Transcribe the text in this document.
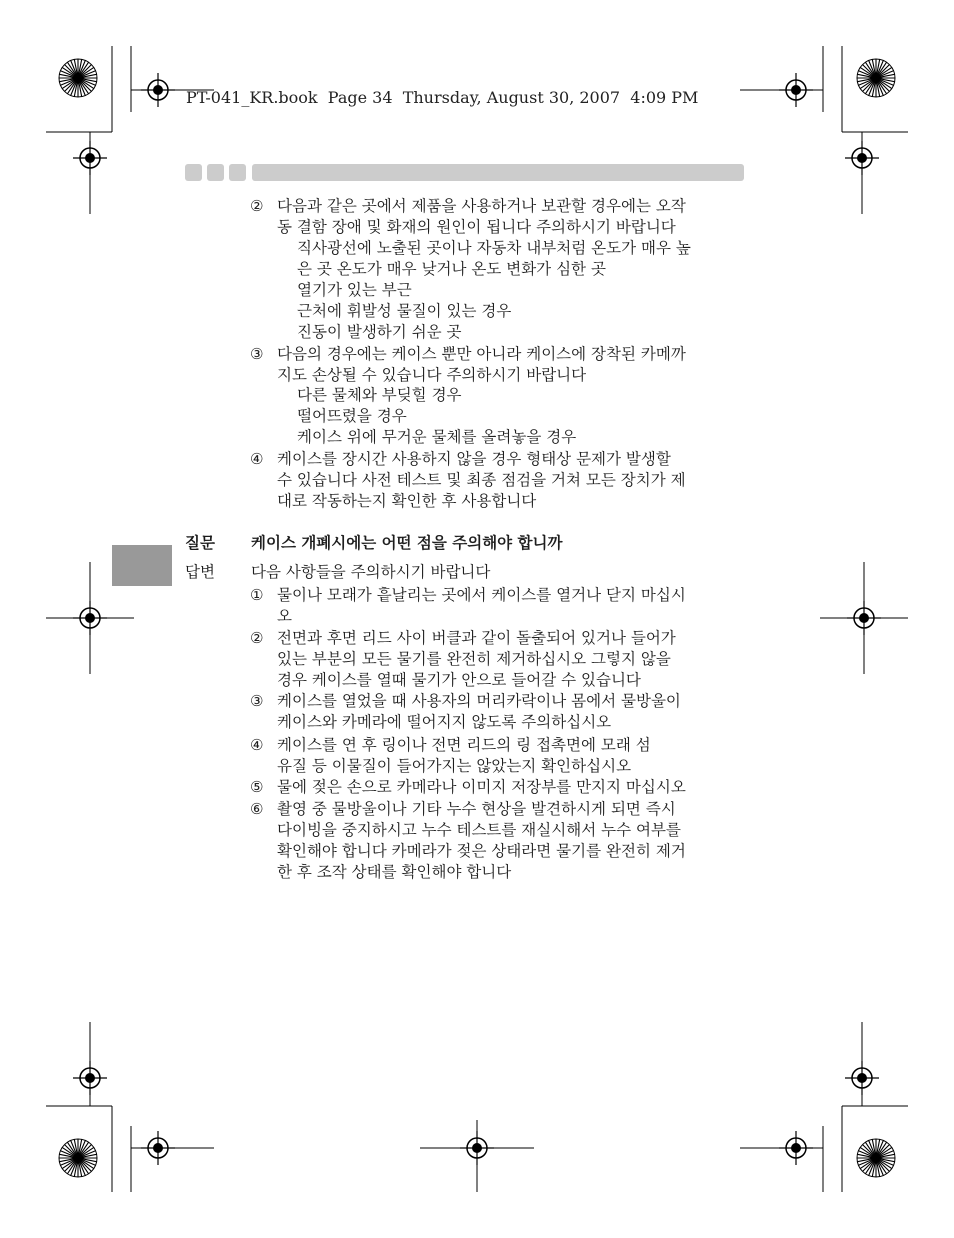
PT-041_KR.book  Page 34  Thursday, August 30, 2007  4:09 PM
② 다음과 같은 곳에서 제품을 사용하거나 보관할 경우에는 오작
동 결함 장애 및 화재의 원인이 됩니다 주의하시기 바랍니다
직사광선에 노출된 곳이나 자동차 내부처럼 온도가 매우 높
은 곳 온도가 매우 낮거나 온도 변화가 심한 곳
열기가 있는 부근
근처에 휘발성 물질이 있는 경우
진동이 발생하기 쉬운 곳
③ 다음의 경우에는 케이스 뿐만 아니라 케이스에 장착된 카메까
지도 손상될 수 있습니다 주의하시기 바랍니다
다른 물체와 부딪힐 경우
떨어뜨렸을 경우
케이스 위에 무거운 물체를 올려놓을 경우
④ 케이스를 장시간 사용하지 않을 경우 형태상 문제가 발생할
수 있습니다 사전 테스트 및 최종 점검을 거쳐 모든 장치가 제
대로 작동하는지 확인한 후 사용합니다
질문 케이스 개폐시에는 어떤 점을 주의해야 합니까
답변 다음 사항들을 주의하시기 바랍니다
① 물이나 모래가 흩날리는 곳에서 케이스를 열거나 닫지 마십시
오
② 전면과 후면 리드 사이 버클과 같이 돌출되어 있거나 들어가
있는 부분의 모든 물기를 완전히 제거하십시오 그렇지 않을
경우 케이스를 열때 물기가 안으로 들어갈 수 있습니다
③ 케이스를 열었을 때 사용자의 머리카락이나 몸에서 물방울이
케이스와 카메라에 떨어지지 않도록 주의하십시오
④ 케이스를 연 후 링이나 전면 리드의 링 접촉면에 모래 섬
유질 등 이물질이 들어가지는 않았는지 확인하십시오
⑤ 물에 젖은 손으로 카메라나 이미지 저장부를 만지지 마십시오
⑥ 촬영 중 물방울이나 기타 누수 현상을 발견하시게 되면 즉시
다이빙을 중지하시고 누수 테스트를 재실시해서 누수 여부를
확인해야 합니다 카메라가 젖은 상태라면 물기를 완전히 제거
한 후 조작 상태를 확인해야 합니다
